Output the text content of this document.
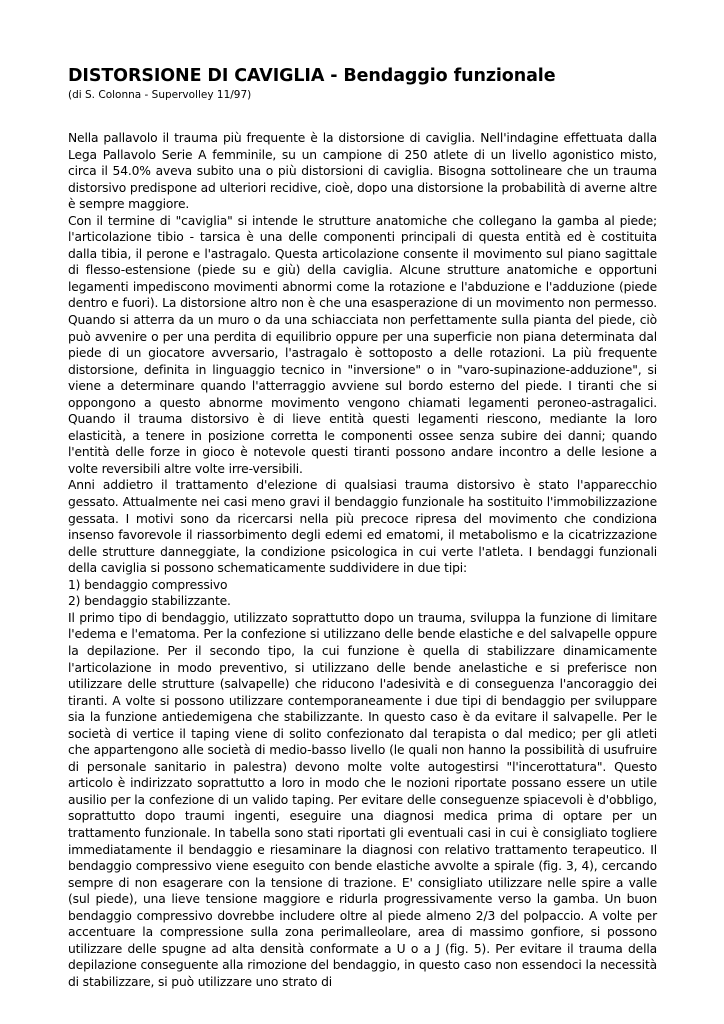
DISTORSIONE DI CAVIGLIA - Bendaggio funzionale
(di S. Colonna - Supervolley 11/97)

Nella pallavolo il trauma più frequente è la distorsione di caviglia. Nell'indagine effettuata dalla Lega Pallavolo Serie A femminile, su un campione di 250 atlete di un livello agonistico misto, circa il 54.0% aveva subito una o più distorsioni di caviglia. Bisogna sottolineare che un trauma distorsivo predispone ad ulteriori recidive, cioè, dopo una distorsione la probabilità di averne altre è sempre maggiore.

Con il termine di "caviglia" si intende le strutture anatomiche che collegano la gamba al piede; l'articolazione tibio - tarsica è una delle componenti principali di questa entità ed è costituita dalla tibia, il perone e l'astragalo. Questa articolazione consente il movimento sul piano sagittale di flesso-estensione (piede su e giù) della caviglia. Alcune strutture anatomiche e opportuni legamenti impediscono movimenti abnormi come la rotazione e l'abduzione e l'adduzione (piede dentro e fuori). La distorsione altro non è che una esasperazione di un movimento non permesso. Quando si atterra da un muro o da una schiacciata non perfettamente sulla pianta del piede, ciò può avvenire o per una perdita di equilibrio oppure per una superficie non piana determinata dal piede di un giocatore avversario, l'astragalo è sottoposto a delle rotazioni. La più frequente distorsione, definita in linguaggio tecnico in "inversione" o in "varo-supinazione-adduzione", si viene a determinare quando l'atterraggio avviene sul bordo esterno del piede. I tiranti che si oppongono a questo abnorme movimento vengono chiamati legamenti peroneo-astragalici. Quando il trauma distorsivo è di lieve entità questi legamenti riescono, mediante la loro elasticità, a tenere in posizione corretta le componenti ossee senza subire dei danni; quando l'entità delle forze in gioco è notevole questi tiranti possono andare incontro a delle lesione a volte reversibili altre volte irre-versibili.

Anni addietro il trattamento d'elezione di qualsiasi trauma distorsivo è stato l'apparecchio gessato. Attualmente nei casi meno gravi il bendaggio funzionale ha sostituito l'immobilizzazione gessata. I motivi sono da ricercarsi nella più precoce ripresa del movimento che condiziona insenso favorevole il riassorbimento degli edemi ed ematomi, il metabolismo e la cicatrizzazione delle strutture danneggiate, la condizione psicologica in cui verte l'atleta. I bendaggi funzionali della caviglia si possono schematicamente suddividere in due tipi:

1) bendaggio compressivo

2) bendaggio stabilizzante.

Il primo tipo di bendaggio, utilizzato soprattutto dopo un trauma, sviluppa la funzione di limitare l'edema e l'ematoma. Per la confezione si utilizzano delle bende elastiche e del salvapelle oppure la depilazione. Per il secondo tipo, la cui funzione è quella di stabilizzare dinamicamente l'articolazione in modo preventivo, si utilizzano delle bende anelastiche e si preferisce non utilizzare delle strutture (salvapelle) che riducono l'adesività e di conseguenza l'ancoraggio dei tiranti. A volte si possono utilizzare contemporaneamente i due tipi di bendaggio per sviluppare sia la funzione antiedemigena che stabilizzante. In questo caso è da evitare il salvapelle. Per le società di vertice il taping viene di solito confezionato dal terapista o dal medico; per gli atleti che appartengono alle società di medio-basso livello (le quali non hanno la possibilità di usufruire di personale sanitario in palestra) devono molte volte autogestirsi "l'incerottatura". Questo articolo è indirizzato soprattutto a loro in modo che le nozioni riportate possano essere un utile ausilio per la confezione di un valido taping. Per evitare delle conseguenze spiacevoli è d'obbligo, soprattutto dopo traumi ingenti, eseguire una diagnosi medica prima di optare per un trattamento funzionale. In tabella sono stati riportati gli eventuali casi in cui è consigliato togliere immediatamente il bendaggio e riesaminare la diagnosi con relativo trattamento terapeutico. Il bendaggio compressivo viene eseguito con bende elastiche avvolte a spirale (fig. 3, 4), cercando sempre di non esagerare con la tensione di trazione. E' consigliato utilizzare nelle spire a valle (sul piede), una lieve tensione maggiore e ridurla progressivamente verso la gamba. Un buon bendaggio compressivo dovrebbe includere oltre al piede almeno 2/3 del polpaccio. A volte per accentuare la compressione sulla zona perimalleolare, area di massimo gonfiore, si possono utilizzare delle spugne ad alta densità conformate a U o a J (fig. 5). Per evitare il trauma della depilazione conseguente alla rimozione del bendaggio, in questo caso non essendoci la necessità di stabilizzare, si può utilizzare uno strato di
